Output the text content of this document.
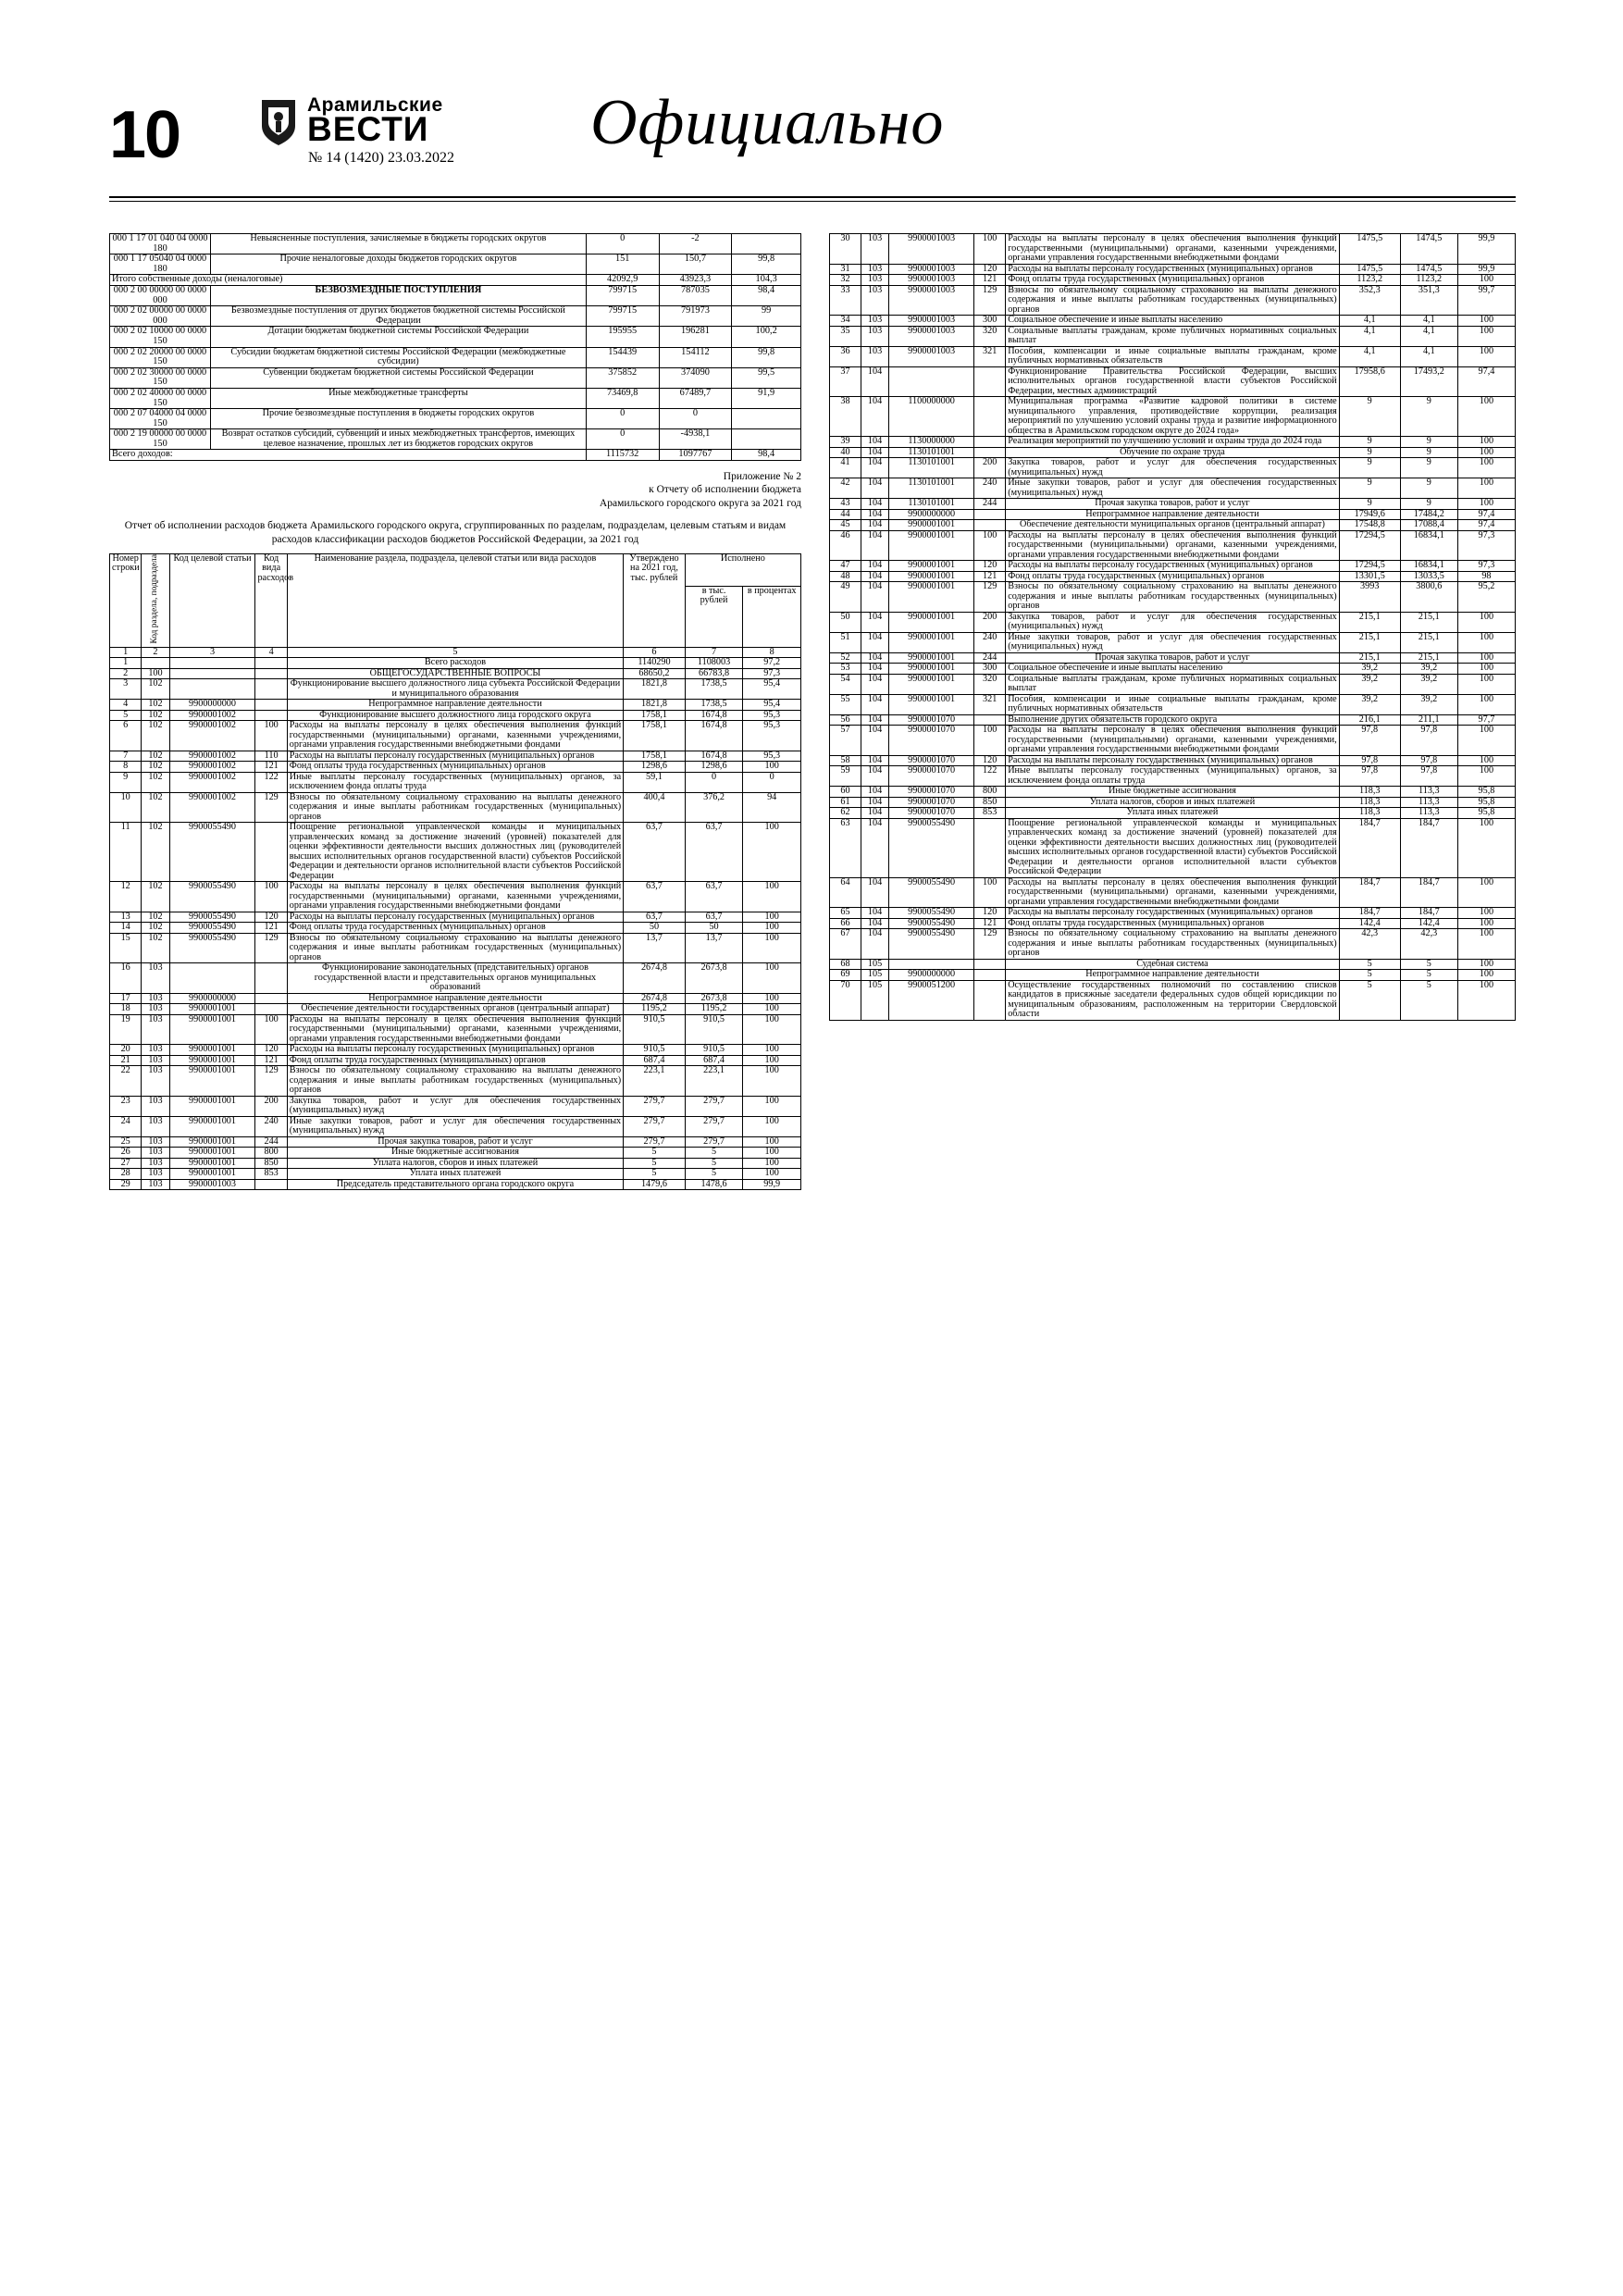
10	Арамильские
ВЕСТИ
№ 14 (1420) 23.03.2022	Официально
000 1 17 01 040 04 0000 180	Невыясненные поступления, зачисляемые в бюджеты городских округов	0	-2	
000 1 17 05040 04 0000 180	Прочие неналоговые доходы бюджетов городских округов	151	150,7	99,8
Итого собственные доходы (неналоговые)		42092,9	43923,3	104,3
000 2 00 00000 00 0000 000	БЕЗВОЗМЕЗДНЫЕ ПОСТУПЛЕНИЯ	799715	787035	98,4
000 2 02 00000 00 0000 000	Безвозмездные поступления от других бюджетов бюджетной системы Российской Федерации	799715	791973	99
000 2 02 10000 00 0000 150	Дотации бюджетам бюджетной системы Российской Федерации	195955	196281	100,2
000 2 02 20000 00 0000 150	Субсидии бюджетам бюджетной системы Российской Федерации (межбюджетные субсидии)	154439	154112	99,8
000 2 02 30000 00 0000 150	Субвенции бюджетам бюджетной системы Российской Федерации	375852	374090	99,5
000 2 02 40000 00 0000 150	Иные межбюджетные трансферты	73469,8	67489,7	91,9
000 2 07 04000 04 0000 150	Прочие безвозмездные поступления в бюджеты городских округов	0	0	
000 2 19 00000 00 0000 150	Возврат остатков субсидий, субвенций и иных межбюджетных трансфертов, имеющих целевое назначение, прошлых лет из бюджетов городских округов	0	-4938,1	
Всего доходов:		1115732	1097767	98,4
Приложение № 2
к Отчету об исполнении бюджета
Арамильского городского округа за 2021 год
Отчет об исполнении расходов бюджета Арамильского городского округа, сгруппированных по разделам, подразделам, целевым статьям и видам расходов классификации расходов бюджетов Российской Федерации, за 2021 год
Номер строки	Код раздела, подраздела	Код целевой статьи	Код вида расходов	Наименование раздела, подраздела, целевой статьи или вида расходов	Утверждено на 2021 год, тыс. рублей	Исполнено	
						в тыс. рублей	в процентах
1	2	3	4	5	6	7	8
1				Всего расходов	1140290	1108003	97,2
2	100			ОБЩЕГОСУДАРСТВЕННЫЕ ВОПРОСЫ	68650,2	66783,8	97,3
3	102			Функционирование высшего должностного лица субъекта Российской Федерации и муниципального образования	1821,8	1738,5	95,4
4	102	9900000000		Непрограммное направление деятельности	1821,8	1738,5	95,4
5	102	9900001002		Функционирование высшего должностного лица городского округа	1758,1	1674,8	95,3
6	102	9900001002	100	Расходы на выплаты персоналу в целях обеспечения выполнения функций государственными (муниципальными) органами, казенными учреждениями, органами управления государственными внебюджетными фондами	1758,1	1674,8	95,3
7	102	9900001002	110	Расходы на выплаты персоналу государственных (муниципальных) органов	1758,1	1674,8	95,3
8	102	9900001002	121	Фонд оплаты труда государственных (муниципальных) органов	1298,6	1298,6	100
9	102	9900001002	122	Иные выплаты персоналу государственных (муниципальных) органов, за исключением фонда оплаты труда	59,1	0	0
10	102	9900001002	129	Взносы по обязательному социальному страхованию на выплаты денежного содержания и иные выплаты работникам государственных (муниципальных) органов	400,4	376,2	94
11	102	9900055490		Поощрение региональной управленческой команды и муниципальных управленческих команд за достижение значений (уровней) показателей для оценки эффективности деятельности высших должностных лиц (руководителей высших исполнительных органов государственной власти) субъектов Российской Федерации и деятельности органов исполнительной власти субъектов Российской Федерации	63,7	63,7	100
12	102	9900055490	100	Расходы на выплаты персоналу в целях обеспечения выполнения функций государственными (муниципальными) органами, казенными учреждениями, органами управления государственными внебюджетными фондами	63,7	63,7	100
13	102	9900055490	120	Расходы на выплаты персоналу государственных (муниципальных) органов	63,7	63,7	100
14	102	9900055490	121	Фонд оплаты труда государственных (муниципальных) органов	50	50	100
15	102	9900055490	129	Взносы по обязательному социальному страхованию на выплаты денежного содержания и иные выплаты работникам государственных (муниципальных) органов	13,7	13,7	100
16	103			Функционирование законодательных (представительных) органов государственной власти и представительных органов муниципальных образований	2674,8	2673,8	100
17	103	9900000000		Непрограммное направление деятельности	2674,8	2673,8	100
18	103	9900001001		Обеспечение деятельности государственных органов (центральный аппарат)	1195,2	1195,2	100
19	103	9900001001	100	Расходы на выплаты персоналу в целях обеспечения выполнения функций государственными (муниципальными) органами, казенными учреждениями, органами управления государственными внебюджетными фондами	910,5	910,5	100
20	103	9900001001	120	Расходы на выплаты персоналу государственных (муниципальных) органов	910,5	910,5	100
21	103	9900001001	121	Фонд оплаты труда государственных (муниципальных) органов	687,4	687,4	100
22	103	9900001001	129	Взносы по обязательному социальному страхованию на выплаты денежного содержания и иные выплаты работникам государственных (муниципальных) органов	223,1	223,1	100
23	103	9900001001	200	Закупка товаров, работ и услуг для обеспечения государственных (муниципальных) нужд	279,7	279,7	100
24	103	9900001001	240	Иные закупки товаров, работ и услуг для обеспечения государственных (муниципальных) нужд	279,7	279,7	100
25	103	9900001001	244	Прочая закупка товаров, работ и услуг	279,7	279,7	100
26	103	9900001001	800	Иные бюджетные ассигнования	5	5	100
27	103	9900001001	850	Уплата налогов, сборов и иных платежей	5	5	100
28	103	9900001001	853	Уплата иных платежей	5	5	100
29	103	9900001003		Председатель представительного органа городского округа	1479,6	1478,6	99,9
30	103	9900001003	100	Расходы на выплаты персоналу в целях обеспечения выполнения функций государственными (муниципальными) органами, казенными учреждениями, органами управления государственными внебюджетными фондами	1475,5	1474,5	99,9
31	103	9900001003	120	Расходы на выплаты персоналу государственных (муниципальных) органов	1475,5	1474,5	99,9
32	103	9900001003	121	Фонд оплаты труда государственных (муниципальных) органов	1123,2	1123,2	100
33	103	9900001003	129	Взносы по обязательному социальному страхованию на выплаты денежного содержания и иные выплаты работникам государственных (муниципальных) органов	352,3	351,3	99,7
34	103	9900001003	300	Социальное обеспечение и иные выплаты населению	4,1	4,1	100
35	103	9900001003	320	Социальные выплаты гражданам, кроме публичных нормативных социальных выплат	4,1	4,1	100
36	103	9900001003	321	Пособия, компенсации и иные социальные выплаты гражданам, кроме публичных нормативных обязательств	4,1	4,1	100
37	104			Функционирование Правительства Российской Федерации, высших исполнительных органов государственной власти субъектов Российской Федерации, местных администраций	17958,6	17493,2	97,4
38	104	1100000000		Муниципальная программа «Развитие кадровой политики в системе муниципального управления, противодействие коррупции, реализация мероприятий по улучшению условий охраны труда и развитие информационного общества в Арамильском городском округе до 2024 года»	9	9	100
39	104	1130000000		Реализация мероприятий по улучшению условий и охраны труда до 2024 года	9	9	100
40	104	1130101001		Обучение по охране труда	9	9	100
41	104	1130101001	200	Закупка товаров, работ и услуг для обеспечения государственных (муниципальных) нужд	9	9	100
42	104	1130101001	240	Иные закупки товаров, работ и услуг для обеспечения государственных (муниципальных) нужд	9	9	100
43	104	1130101001	244	Прочая закупка товаров, работ и услуг	9	9	100
44	104	9900000000		Непрограммное направление деятельности	17949,6	17484,2	97,4
45	104	9900001001		Обеспечение деятельности муниципальных органов (центральный аппарат)	17548,8	17088,4	97,4
46	104	9900001001	100	Расходы на выплаты персоналу в целях обеспечения выполнения функций государственными (муниципальными) органами, казенными учреждениями, органами управления государственными внебюджетными фондами	17294,5	16834,1	97,3
47	104	9900001001	120	Расходы на выплаты персоналу государственных (муниципальных) органов	17294,5	16834,1	97,3
48	104	9900001001	121	Фонд оплаты труда государственных (муниципальных) органов	13301,5	13033,5	98
49	104	9900001001	129	Взносы по обязательному социальному страхованию на выплаты денежного содержания и иные выплаты работникам государственных (муниципальных) органов	3993	3800,6	95,2
50	104	9900001001	200	Закупка товаров, работ и услуг для обеспечения государственных (муниципальных) нужд	215,1	215,1	100
51	104	9900001001	240	Иные закупки товаров, работ и услуг для обеспечения государственных (муниципальных) нужд	215,1	215,1	100
52	104	9900001001	244	Прочая закупка товаров, работ и услуг	215,1	215,1	100
53	104	9900001001	300	Социальное обеспечение и иные выплаты населению	39,2	39,2	100
54	104	9900001001	320	Социальные выплаты гражданам, кроме публичных нормативных социальных выплат	39,2	39,2	100
55	104	9900001001	321	Пособия, компенсации и иные социальные выплаты гражданам, кроме публичных нормативных обязательств	39,2	39,2	100
56	104	9900001070		Выполнение других обязательств городского округа	216,1	211,1	97,7
57	104	9900001070	100	Расходы на выплаты персоналу в целях обеспечения выполнения функций государственными (муниципальными) органами, казенными учреждениями, органами управления государственными внебюджетными фондами	97,8	97,8	100
58	104	9900001070	120	Расходы на выплаты персоналу государственных (муниципальных) органов	97,8	97,8	100
59	104	9900001070	122	Иные выплаты персоналу государственных (муниципальных) органов, за исключением фонда оплаты труда	97,8	97,8	100
60	104	9900001070	800	Иные бюджетные ассигнования	118,3	113,3	95,8
61	104	9900001070	850	Уплата налогов, сборов и иных платежей	118,3	113,3	95,8
62	104	9900001070	853	Уплата иных платежей	118,3	113,3	95,8
63	104	9900055490		Поощрение региональной управленческой команды и муниципальных управленческих команд за достижение значений (уровней) показателей для оценки эффективности деятельности высших должностных лиц (руководителей высших исполнительных органов государственной власти) субъектов Российской Федерации и деятельности органов исполнительной власти субъектов Российской Федерации	184,7	184,7	100
64	104	9900055490	100	Расходы на выплаты персоналу в целях обеспечения выполнения функций государственными (муниципальными) органами, казенными учреждениями, органами управления государственными внебюджетными фондами	184,7	184,7	100
65	104	9900055490	120	Расходы на выплаты персоналу государственных (муниципальных) органов	184,7	184,7	100
66	104	9900055490	121	Фонд оплаты труда государственных (муниципальных) органов	142,4	142,4	100
67	104	9900055490	129	Взносы по обязательному социальному страхованию на выплаты денежного содержания и иные выплаты работникам государственных (муниципальных) органов	42,3	42,3	100
68	105			Судебная система	5	5	100
69	105	9900000000		Непрограммное направление деятельности	5	5	100
70	105	9900051200		Осуществление государственных полномочий по составлению списков кандидатов в присяжные заседатели федеральных судов общей юрисдикции по муниципальным образованиям, расположенным на территории Свердловской области	5	5	100
